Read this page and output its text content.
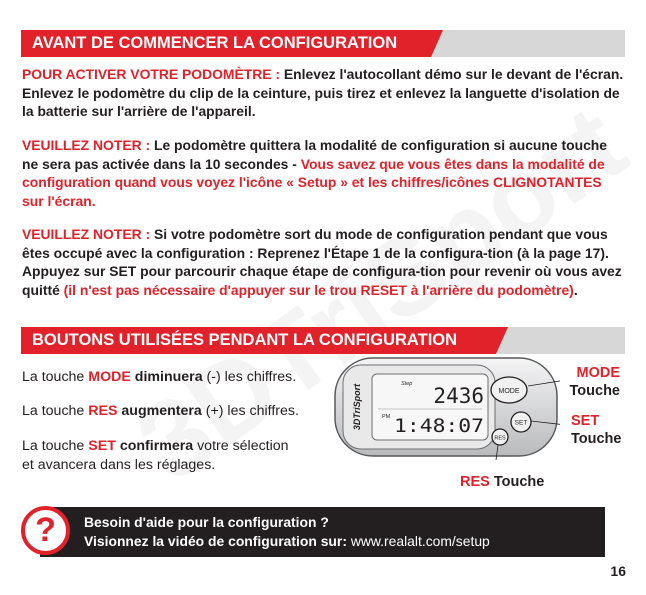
AVANT DE COMMENCER LA CONFIGURATION

POUR ACTIVER VOTRE PODOMÈTRE : Enlevez l'autocollant démo sur le devant de l'écran. Enlevez le podomètre du clip de la ceinture, puis tirez et enlevez la languette d'isolation de la batterie sur l'arrière de l'appareil.

VEUILLEZ NOTER : Le podomètre quittera la modalité de configuration si aucune touche ne sera pas activée dans la 10 secondes - Vous savez que vous êtes dans la modalité de configuration quand vous voyez l'icône « Setup » et les chiffres/icônes CLIGNOTANTES sur l'écran.

VEUILLEZ NOTER : Si votre podomètre sort du mode de configuration pendant que vous êtes occupé avec la configuration : Reprenez l'Étape 1 de la configura-tion (à la page 17). Appuyez sur SET pour parcourir chaque étape de configura-tion pour revenir où vous avez quitté (il n'est pas nécessaire d'appuyer sur le trou RESET à l'arrière du podomètre).

BOUTONS UTILISÉES PENDANT LA CONFIGURATION
La touche MODE diminuera (-) les chiffres.
La touche RES augmentera (+) les chiffres.
La touche SET confirmera votre sélection
et avancera dans les réglages.
3DTriSport	Step 2436
PM 1:48:07
MODE
SET
RES
MODE
Touche
SET
Touche
RES Touche
Besoin d'aide pour la configuration ?
Visionnez la vidéo de configuration sur: www.realalt.com/setup
?
16
